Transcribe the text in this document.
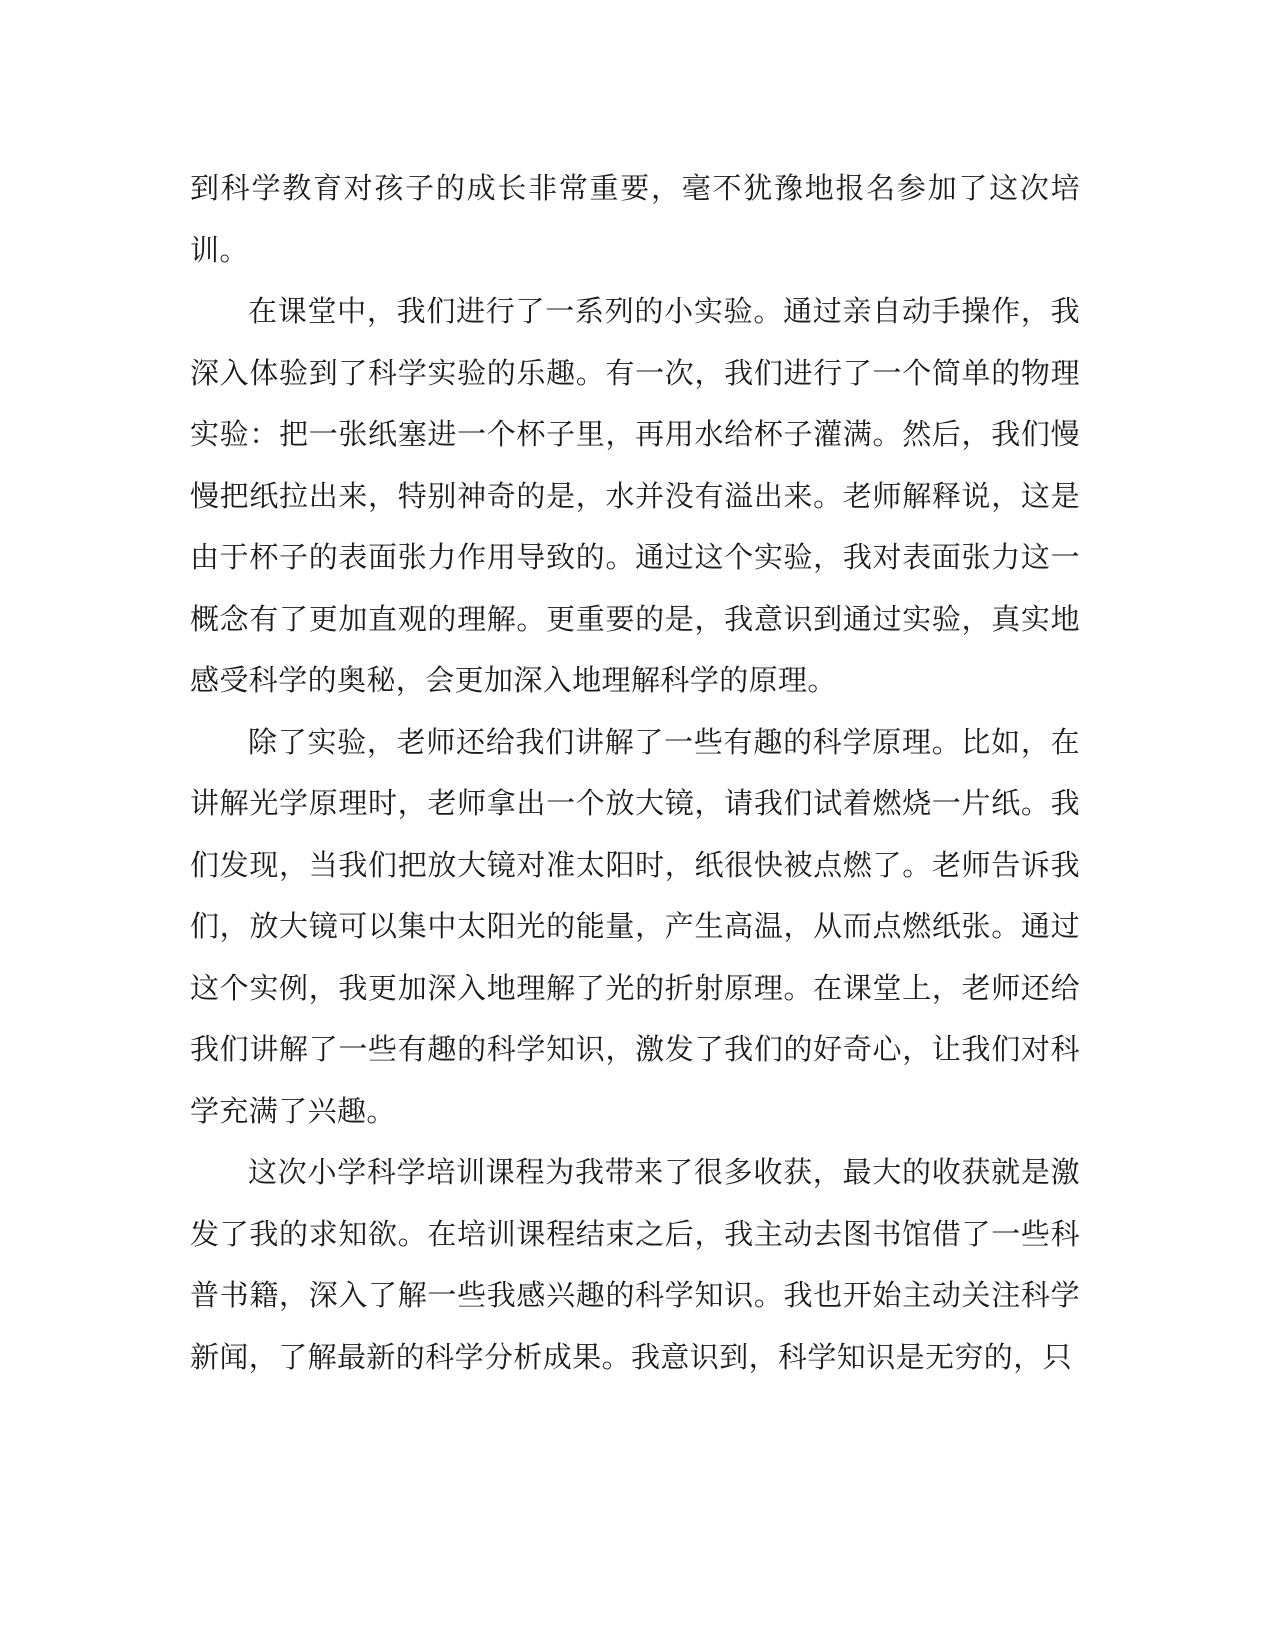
到科学教育对孩子的成长非常重要，毫不犹豫地报名参加了这次培训。

在课堂中，我们进行了一系列的小实验。通过亲自动手操作，我深入体验到了科学实验的乐趣。有一次，我们进行了一个简单的物理实验：把一张纸塞进一个杯子里，再用水给杯子灌满。然后，我们慢慢把纸拉出来，特别神奇的是，水并没有溢出来。老师解释说，这是由于杯子的表面张力作用导致的。通过这个实验，我对表面张力这一概念有了更加直观的理解。更重要的是，我意识到通过实验，真实地感受科学的奥秘，会更加深入地理解科学的原理。

除了实验，老师还给我们讲解了一些有趣的科学原理。比如，在讲解光学原理时，老师拿出一个放大镜，请我们试着燃烧一片纸。我们发现，当我们把放大镜对准太阳时，纸很快被点燃了。老师告诉我们，放大镜可以集中太阳光的能量，产生高温，从而点燃纸张。通过这个实例，我更加深入地理解了光的折射原理。在课堂上，老师还给我们讲解了一些有趣的科学知识，激发了我们的好奇心，让我们对科学充满了兴趣。

这次小学科学培训课程为我带来了很多收获，最大的收获就是激发了我的求知欲。在培训课程结束之后，我主动去图书馆借了一些科普书籍，深入了解一些我感兴趣的科学知识。我也开始主动关注科学新闻，了解最新的科学分析成果。我意识到，科学知识是无穷的，只
